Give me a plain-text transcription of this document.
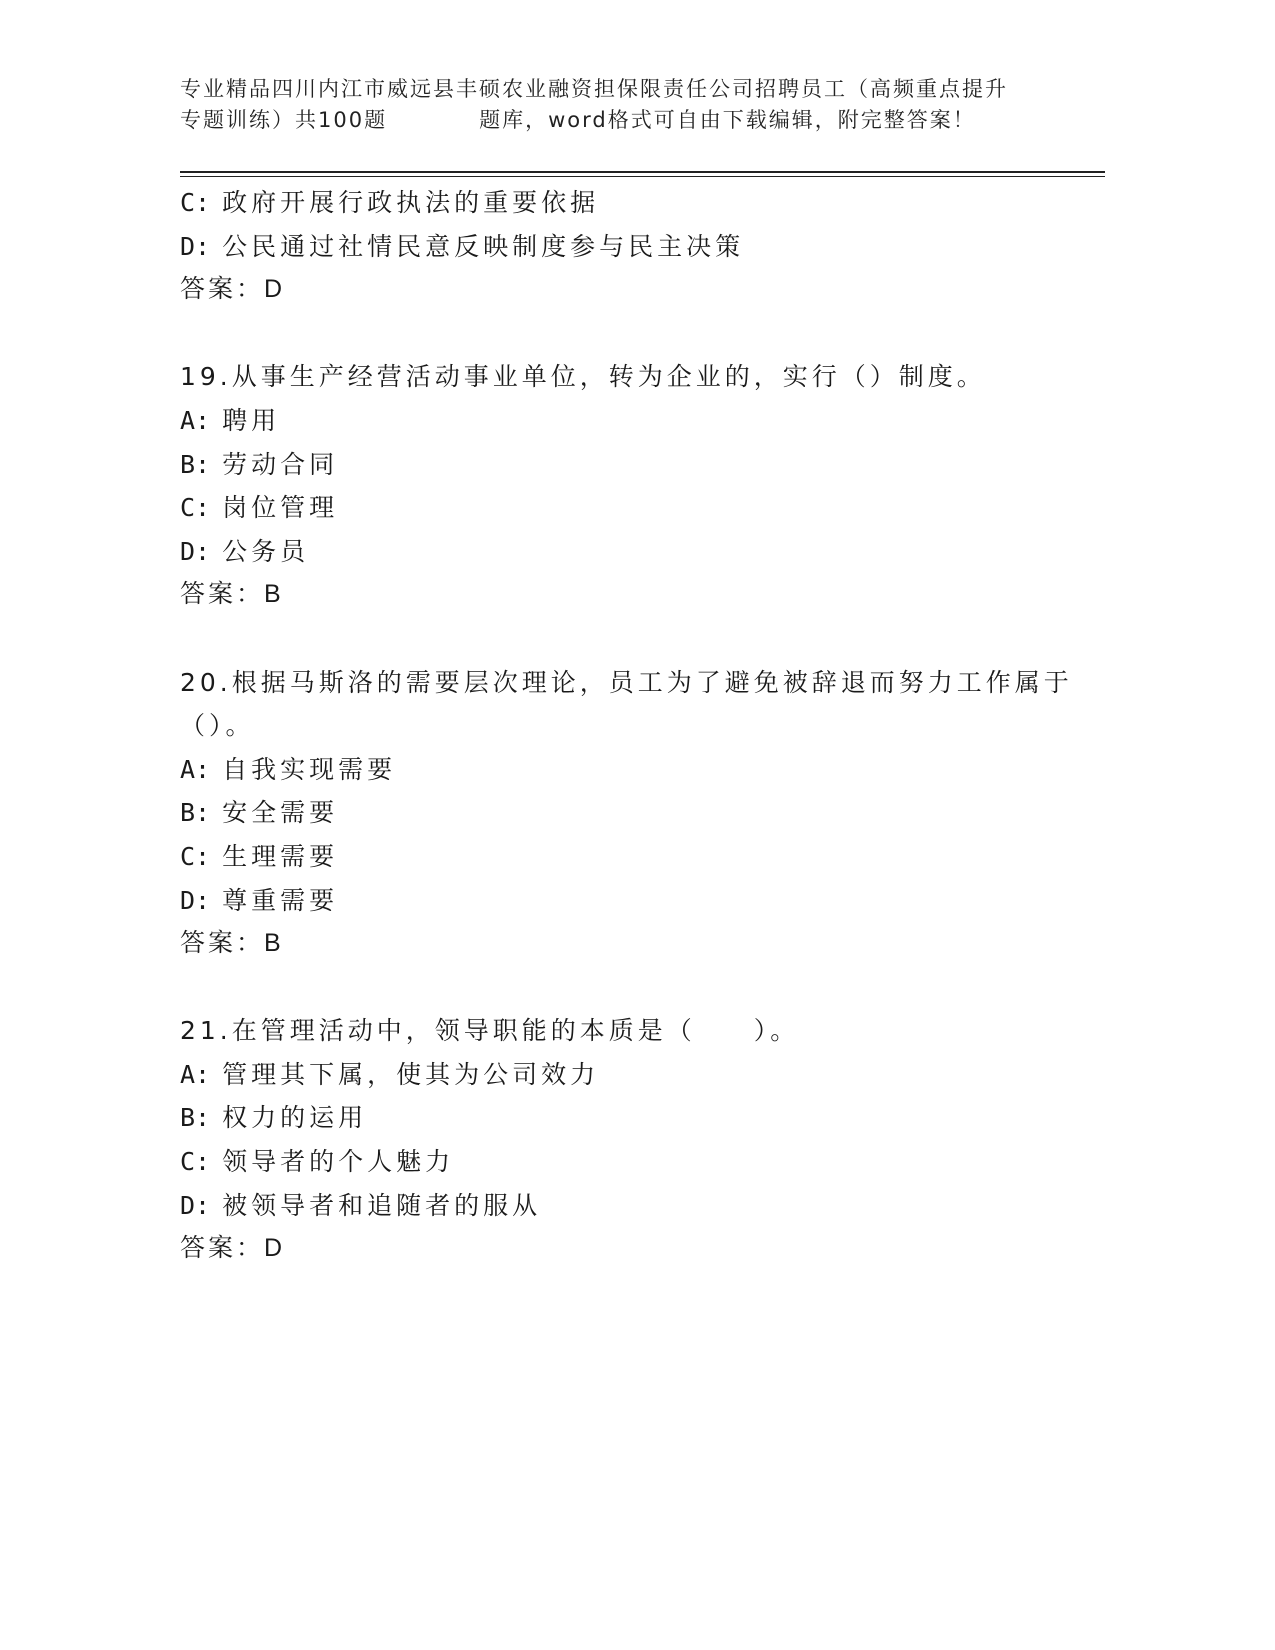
专业精品四川内江市威远县丰硕农业融资担保限责任公司招聘员工（高频重点提升
专题训练）共100题	题库，word格式可自由下载编辑，附完整答案！
C: 政府开展行政执法的重要依据
D: 公民通过社情民意反映制度参与民主决策
答案：D
19.从事生产经营活动事业单位，转为企业的，实行（）制度。
A: 聘用
B: 劳动合同
C: 岗位管理
D: 公务员
答案：B
20.根据马斯洛的需要层次理论，员工为了避免被辞退而努力工作属于
（）。
A: 自我实现需要
B: 安全需要
C: 生理需要
D: 尊重需要
答案：B
21.在管理活动中，领导职能的本质是（　　）。
A: 管理其下属，使其为公司效力
B: 权力的运用
C: 领导者的个人魅力
D: 被领导者和追随者的服从
答案：D
